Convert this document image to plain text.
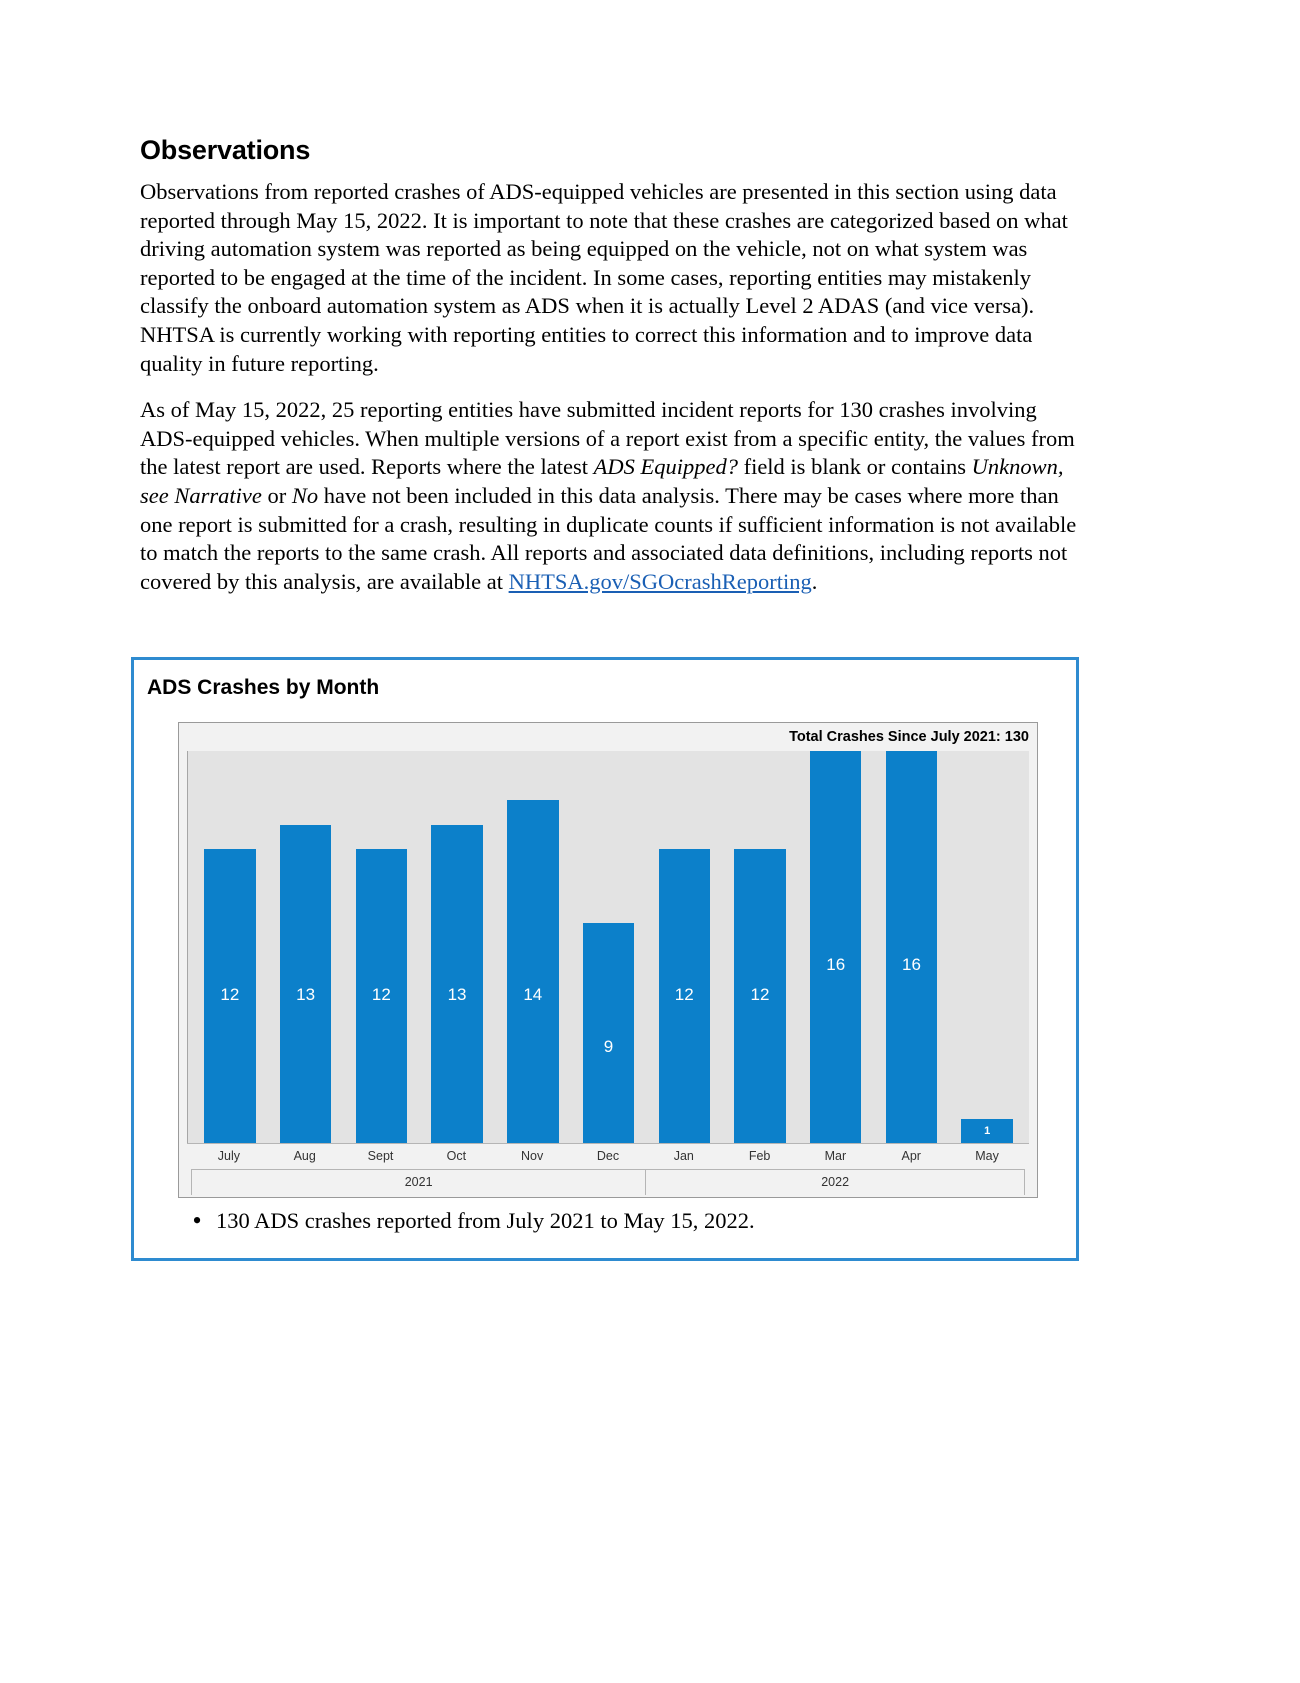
Observations

Observations from reported crashes of ADS-equipped vehicles are presented in this section using data reported through May 15, 2022. It is important to note that these crashes are categorized based on what driving automation system was reported as being equipped on the vehicle, not on what system was reported to be engaged at the time of the incident. In some cases, reporting entities may mistakenly classify the onboard automation system as ADS when it is actually Level 2 ADAS (and vice versa). NHTSA is currently working with reporting entities to correct this information and to improve data quality in future reporting.

As of May 15, 2022, 25 reporting entities have submitted incident reports for 130 crashes involving ADS-equipped vehicles. When multiple versions of a report exist from a specific entity, the values from the latest report are used. Reports where the latest ADS Equipped? field is blank or contains Unknown, see Narrative or No have not been included in this data analysis. There may be cases where more than one report is submitted for a crash, resulting in duplicate counts if sufficient information is not available to match the reports to the same crash. All reports and associated data definitions, including reports not covered by this analysis, are available at NHTSA.gov/SGOcrashReporting.

ADS Crashes by Month
Total Crashes Since July 2021: 130
12	13	12	13	14
9
12	12
16	16
1
July	Aug	Sept	Oct	Nov	Dec	Jan	Feb	Mar	Apr	May
2021	2022
• 130 ADS crashes reported from July 2021 to May 15, 2022.
